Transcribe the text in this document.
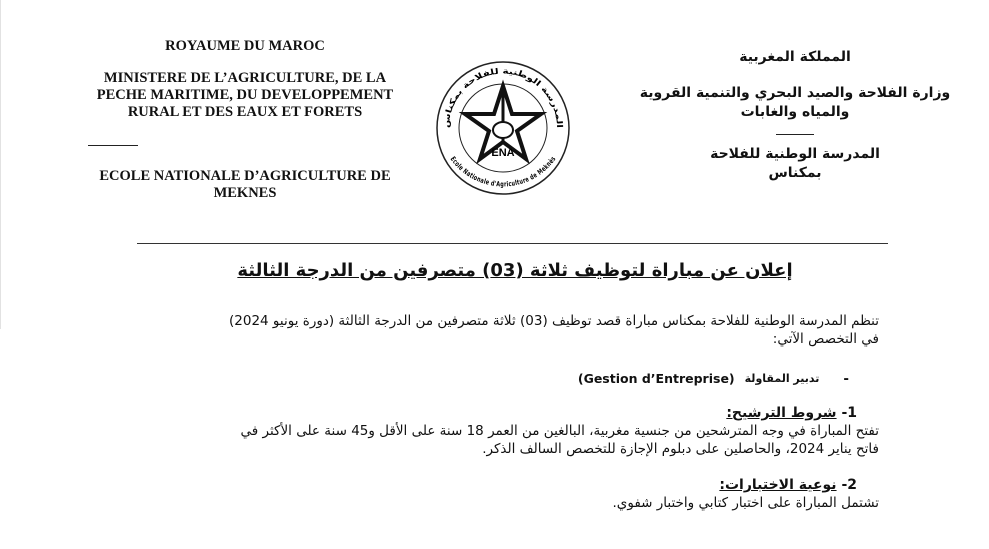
ROYAUME DU MAROC
MINISTERE DE L’AGRICULTURE, DE LA PECHE MARITIME, DU DEVELOPPEMENT RURAL ET DES EAUX ET FORETS
ECOLE NATIONALE D’AGRICULTURE DE MEKNES
المدرسة الوطنية للفلاحة بمكناس
Ecole Nationale d'Agriculture de Meknès
ENA
المملكة المغربية
وزارة الفلاحة والصيد البحري والتنمية القروية
والمياه والغابات
المدرسة الوطنية للفلاحة
بمكناس
إعلان عن مباراة لتوظيف ثلاثة (03) متصرفين من الدرجة الثالثة
تنظم المدرسة الوطنية للفلاحة بمكناس مباراة قصد توظيف (03) ثلاثة متصرفين من الدرجة الثالثة (دورة يونيو 2024)
في التخصص الآتي:
-
تدبير المقاولة
(Gestion d’Entreprise)
1- شروط الترشيح:
تفتح المباراة في وجه المترشحين من جنسية مغربية، البالغين من العمر 18 سنة على الأقل و45 سنة على الأكثر في
فاتح يناير 2024، والحاصلين على دبلوم الإجازة للتخصص السالف الذكر.
2- نوعية الاختبارات:
تشتمل المباراة على اختبار كتابي واختبار شفوي.
